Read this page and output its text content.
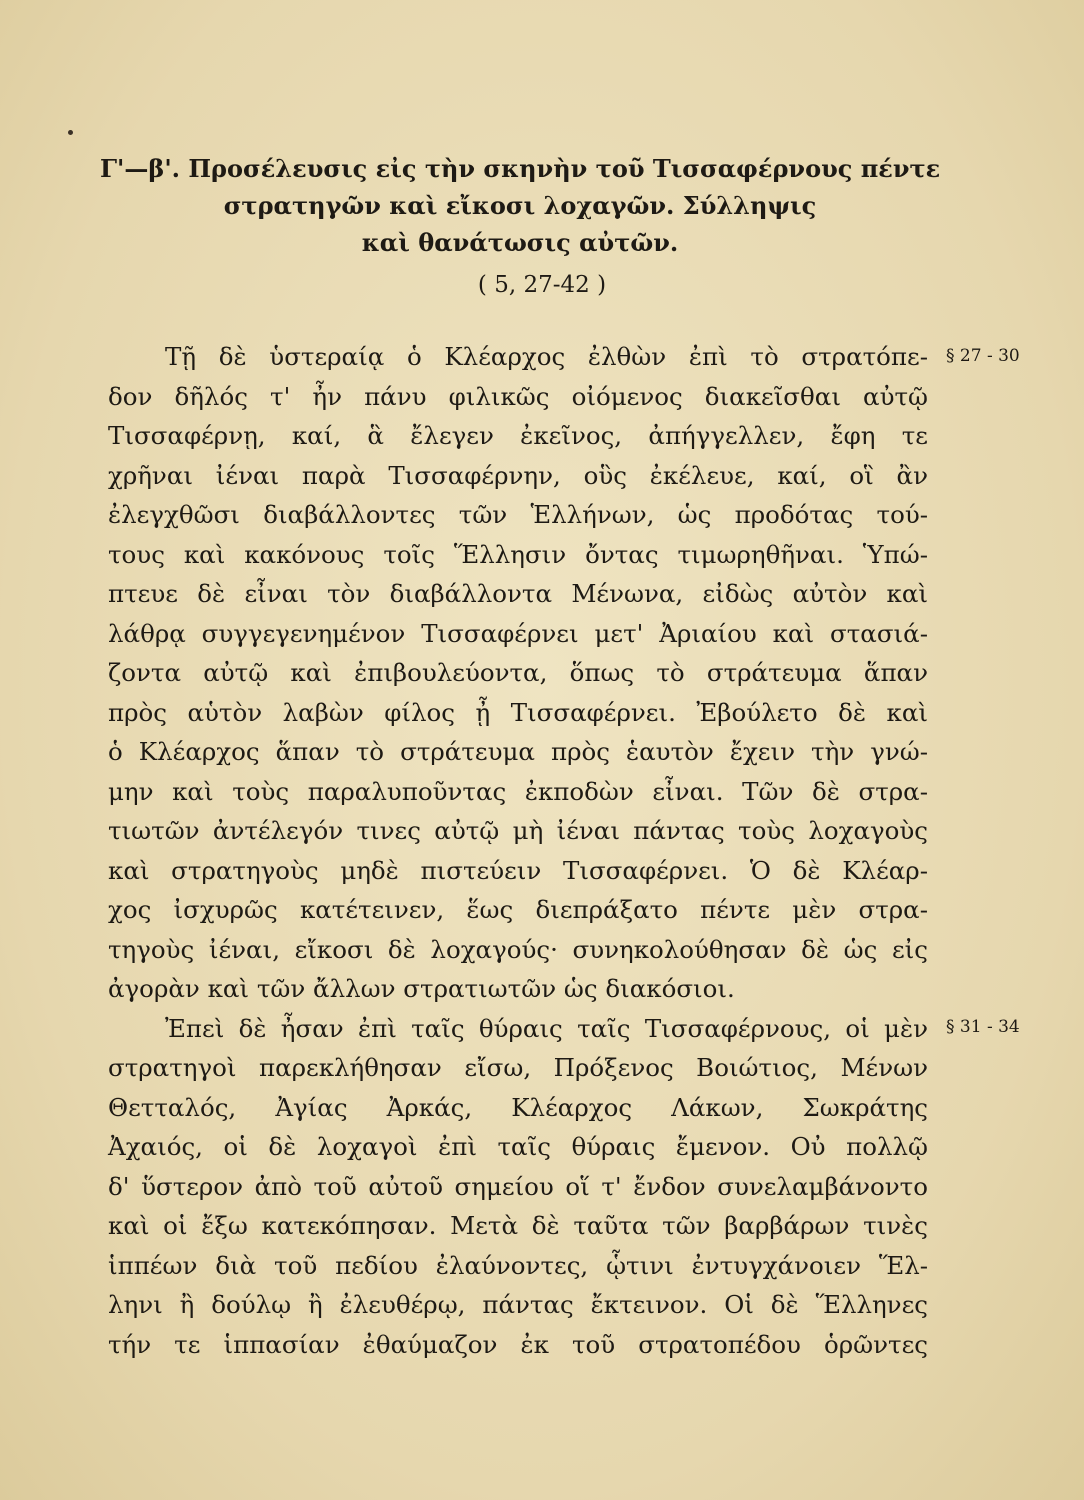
Γ'—β'. Προσέλευσις εἰς τὴν σκηνὴν τοῦ Τισσαφέρνους πέντε
στρατηγῶν καὶ εἴκοσι λοχαγῶν. Σύλληψις
καὶ θανάτωσις αὐτῶν.
( 5, 27-42 )
§ 27 - 30
§ 31 - 34
Τῇ δὲ ὑστεραίᾳ ὁ Κλέαρχος ἐλθὼν ἐπὶ τὸ στρατόπε-
δον δῆλός τ' ἦν πάνυ φιλικῶς οἰόμενος διακεῖσθαι αὐτῷ
Τισσαφέρνῃ, καί, ἃ ἔλεγεν ἐκεῖνος, ἀπήγγελλεν, ἔφη τε
χρῆναι ἰέναι παρὰ Τισσαφέρνην, οὓς ἐκέλευε, καί, οἳ ἂν
ἐλεγχθῶσι διαβάλλοντες τῶν Ἑλλήνων, ὡς προδότας τού-
τους καὶ κακόνους τοῖς Ἕλλησιν ὄντας τιμωρηθῆναι. Ὑπώ-
πτευε δὲ εἶναι τὸν διαβάλλοντα Μένωνα, εἰδὼς αὐτὸν καὶ
λάθρᾳ συγγεγενημένον Τισσαφέρνει μετ' Ἀριαίου καὶ στασιά-
ζοντα αὐτῷ καὶ ἐπιβουλεύοντα, ὅπως τὸ στράτευμα ἅπαν
πρὸς αὑτὸν λαβὼν φίλος ᾖ Τισσαφέρνει. Ἐβούλετο δὲ καὶ
ὁ Κλέαρχος ἅπαν τὸ στράτευμα πρὸς ἑαυτὸν ἔχειν τὴν γνώ-
μην καὶ τοὺς παραλυποῦντας ἐκποδὼν εἶναι. Τῶν δὲ στρα-
τιωτῶν ἀντέλεγόν τινες αὐτῷ μὴ ἰέναι πάντας τοὺς λοχαγοὺς
καὶ στρατηγοὺς μηδὲ πιστεύειν Τισσαφέρνει. Ὁ δὲ Κλέαρ-
χος ἰσχυρῶς κατέτεινεν, ἕως διεπράξατο πέντε μὲν στρα-
τηγοὺς ἰέναι, εἴκοσι δὲ λοχαγούς· συνηκολούθησαν δὲ ὡς εἰς
ἀγορὰν καὶ τῶν ἄλλων στρατιωτῶν ὡς διακόσιοι.
Ἐπεὶ δὲ ἦσαν ἐπὶ ταῖς θύραις ταῖς Τισσαφέρνους, οἱ μὲν
στρατηγοὶ παρεκλήθησαν εἴσω, Πρόξενος Βοιώτιος, Μένων
Θετταλός, Ἀγίας Ἀρκάς, Κλέαρχος Λάκων, Σωκράτης
Ἀχαιός, οἱ δὲ λοχαγοὶ ἐπὶ ταῖς θύραις ἔμενον. Οὐ πολλῷ
δ' ὕστερον ἀπὸ τοῦ αὐτοῦ σημείου οἵ τ' ἔνδον συνελαμβάνοντο
καὶ οἱ ἔξω κατεκόπησαν. Μετὰ δὲ ταῦτα τῶν βαρβάρων τινὲς
ἱππέων διὰ τοῦ πεδίου ἐλαύνοντες, ᾧτινι ἐντυγχάνοιεν Ἕλ-
ληνι ἢ δούλῳ ἢ ἐλευθέρῳ, πάντας ἔκτεινον. Οἱ δὲ Ἕλληνες
τήν τε ἱππασίαν ἐθαύμαζον ἐκ τοῦ στρατοπέδου ὁρῶντες
